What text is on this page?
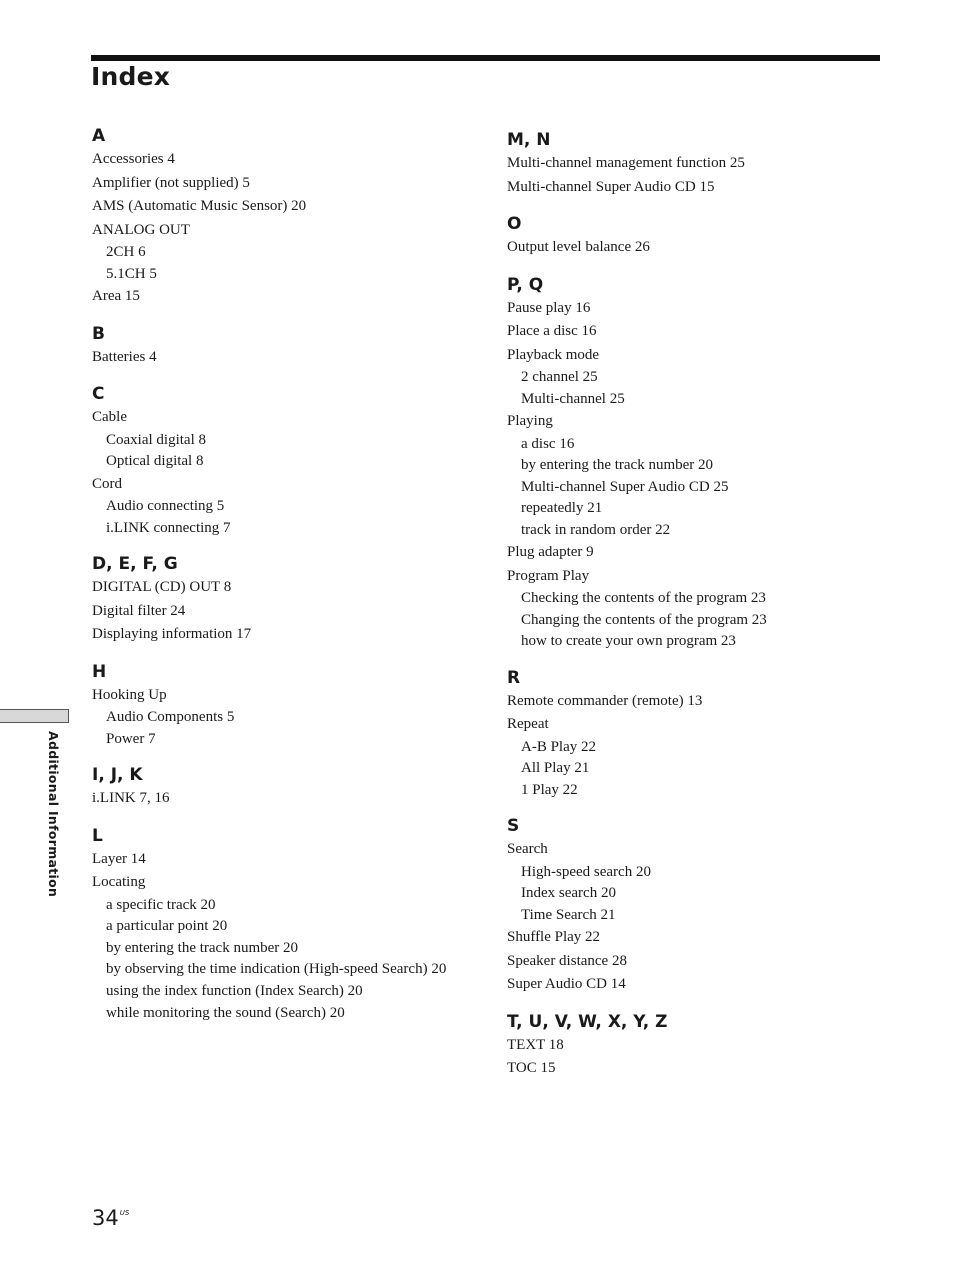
Index
A
Accessories 4
Amplifier (not supplied) 5
AMS (Automatic Music Sensor) 20
ANALOG OUT
2CH 6
5.1CH 5
Area 15
B
Batteries 4
C
Cable
Coaxial digital 8
Optical digital 8
Cord
Audio connecting 5
i.LINK connecting 7
D, E, F, G
DIGITAL (CD) OUT 8
Digital filter 24
Displaying information 17
H
Hooking Up
Audio Components 5
Power 7
I, J, K
i.LINK 7, 16
L
Layer 14
Locating
a specific track 20
a particular point 20
by entering the track number 20
by observing the time indication (High-speed Search) 20
using the index function (Index Search) 20
while monitoring the sound (Search) 20
M, N
Multi-channel management function 25
Multi-channel Super Audio CD 15
O
Output level balance 26
P, Q
Pause play 16
Place a disc 16
Playback mode
2 channel 25
Multi-channel 25
Playing
a disc 16
by entering the track number 20
Multi-channel Super Audio CD 25
repeatedly 21
track in random order 22
Plug adapter 9
Program Play
Checking the contents of the program 23
Changing the contents of the program 23
how to create your own program 23
R
Remote commander (remote) 13
Repeat
A-B Play 22
All Play 21
1 Play 22
S
Search
High-speed search 20
Index search 20
Time Search 21
Shuffle Play 22
Speaker distance 28
Super Audio CD 14
T, U, V, W, X, Y, Z
TEXT 18
TOC 15
Additional Information
$34^{US}$
